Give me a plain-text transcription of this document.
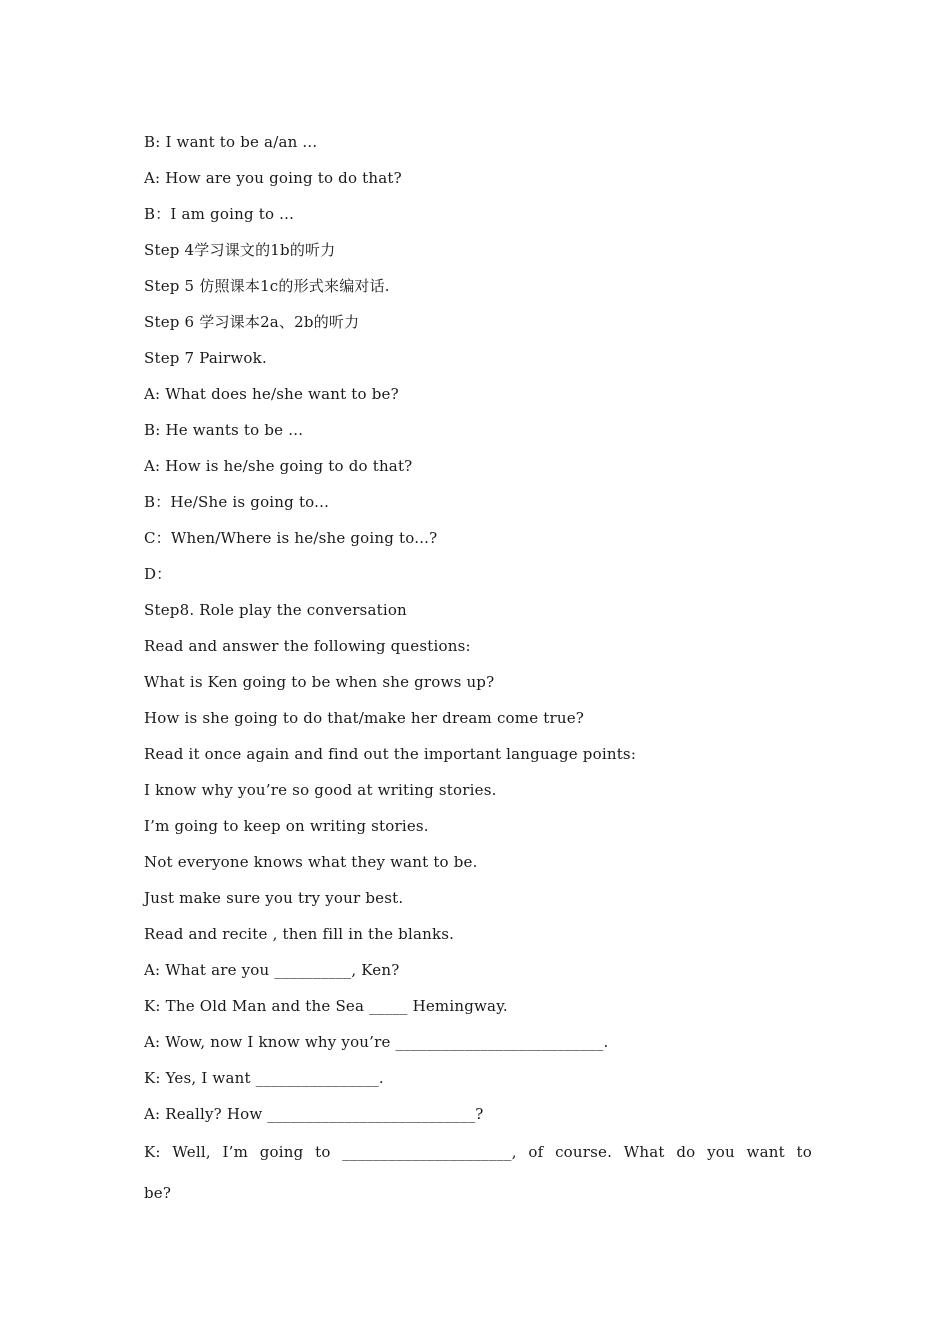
B: I want to be a/an ...
A: How are you going to do that?
B：I am going to ...
Step 4学习课文的1b的听力
Step 5 仿照课本1c的形式来编对话.
Step 6 学习课本2a、2b的听力
Step 7 Pairwok.
A: What does he/she want to be?
B: He wants to be …
A: How is he/she going to do that?
B：He/She is going to...
C：When/Where is he/she going to...?
D：
Step8. Role play the conversation
Read and answer the following questions:
What is Ken going to be when she grows up?
How is she going to do that/make her dream come true?
Read it once again and find out the important language points:
I know why you’re so good at writing stories.
I’m going to keep on writing stories.
Not everyone knows what they want to be.
Just make sure you try your best.
Read and recite , then fill in the blanks.
A: What are you __________, Ken?
K: The Old Man and the Sea _____ Hemingway.
A: Wow, now I know why you’re ___________________________.
K: Yes, I want ________________.
A: Really? How ___________________________?
K: Well, I’m going to ______________________, of course. What do you want to be?
